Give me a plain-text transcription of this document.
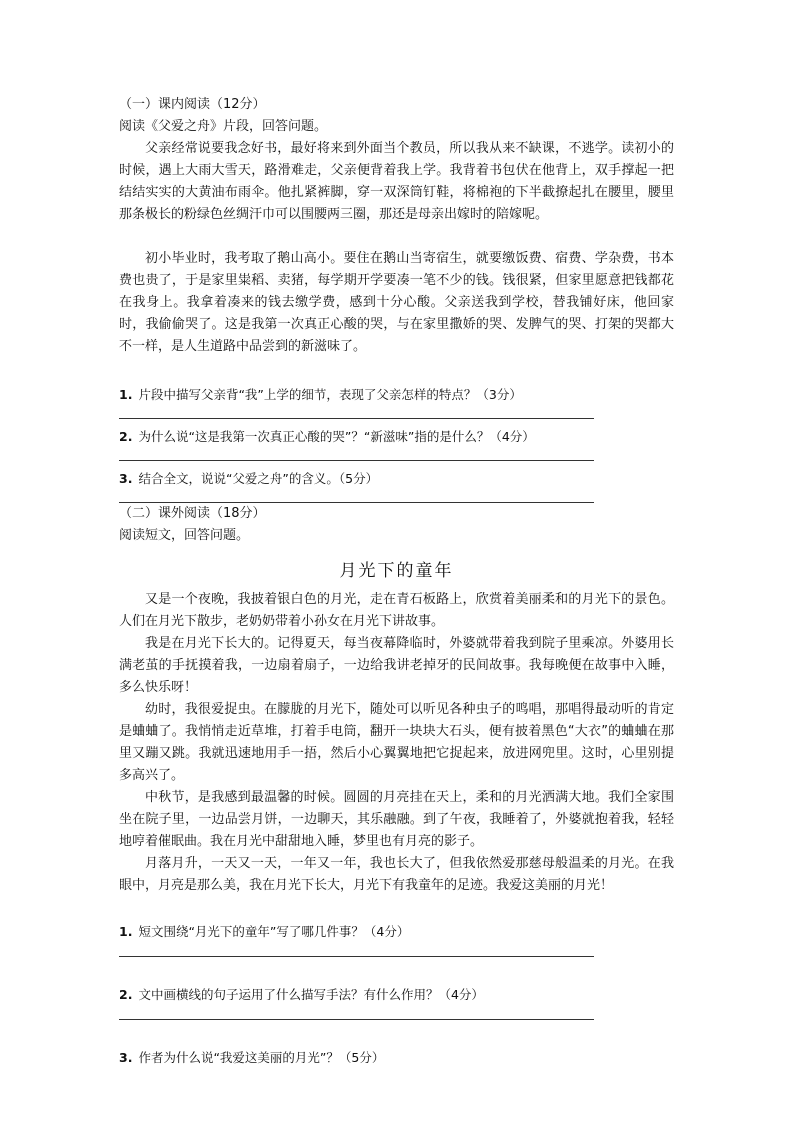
（一）课内阅读（12分）
阅读《父爱之舟》片段，回答问题。

父亲经常说要我念好书，最好将来到外面当个教员，所以我从来不缺课，不逃学。读初小的时候，遇上大雨大雪天，路滑难走，父亲便背着我上学。我背着书包伏在他背上，双手撑起一把结结实实的大黄油布雨伞。他扎紧裤脚，穿一双深筒钉鞋，将棉袍的下半截撩起扎在腰里，腰里那条极长的粉绿色丝绸汗巾可以围腰两三圈，那还是母亲出嫁时的陪嫁呢。

初小毕业时，我考取了鹅山高小。要住在鹅山当寄宿生，就要缴饭费、宿费、学杂费，书本费也贵了，于是家里粜稻、卖猪，每学期开学要凑一笔不少的钱。钱很紧，但家里愿意把钱都花在我身上。我拿着凑来的钱去缴学费，感到十分心酸。父亲送我到学校，替我铺好床，他回家时，我偷偷哭了。这是我第一次真正心酸的哭，与在家里撒娇的哭、发脾气的哭、打架的哭都大不一样，是人生道路中品尝到的新滋味了。

1. 片段中描写父亲背“我”上学的细节，表现了父亲怎样的特点？（3分）
2. 为什么说“这是我第一次真正心酸的哭”？“新滋味”指的是什么？（4分）
3. 结合全文，说说“父爱之舟”的含义。（5分）
（二）课外阅读（18分）
阅读短文，回答问题。
月光下的童年

又是一个夜晚，我披着银白色的月光，走在青石板路上，欣赏着美丽柔和的月光下的景色。人们在月光下散步，老奶奶带着小孙女在月光下讲故事。

我是在月光下长大的。记得夏天，每当夜幕降临时，外婆就带着我到院子里乘凉。外婆用长满老茧的手抚摸着我，一边扇着扇子，一边给我讲老掉牙的民间故事。我每晚便在故事中入睡，多么快乐呀！

幼时，我很爱捉虫。在朦胧的月光下，随处可以听见各种虫子的鸣唱，那唱得最动听的肯定是蛐蛐了。我悄悄走近草堆，打着手电筒，翻开一块块大石头，便有披着黑色“大衣”的蛐蛐在那里又蹦又跳。我就迅速地用手一捂，然后小心翼翼地把它捉起来，放进网兜里。这时，心里别提多高兴了。

中秋节，是我感到最温馨的时候。圆圆的月亮挂在天上，柔和的月光洒满大地。我们全家围坐在院子里，一边品尝月饼，一边聊天，其乐融融。到了午夜，我睡着了，外婆就抱着我，轻轻地哼着催眠曲。我在月光中甜甜地入睡，梦里也有月亮的影子。

月落月升，一天又一天，一年又一年，我也长大了，但我依然爱那慈母般温柔的月光。在我眼中，月亮是那么美，我在月光下长大，月光下有我童年的足迹。我爱这美丽的月光！

1. 短文围绕“月光下的童年”写了哪几件事？（4分）
2. 文中画横线的句子运用了什么描写手法？有什么作用？（4分）
3. 作者为什么说“我爱这美丽的月光”？（5分）
